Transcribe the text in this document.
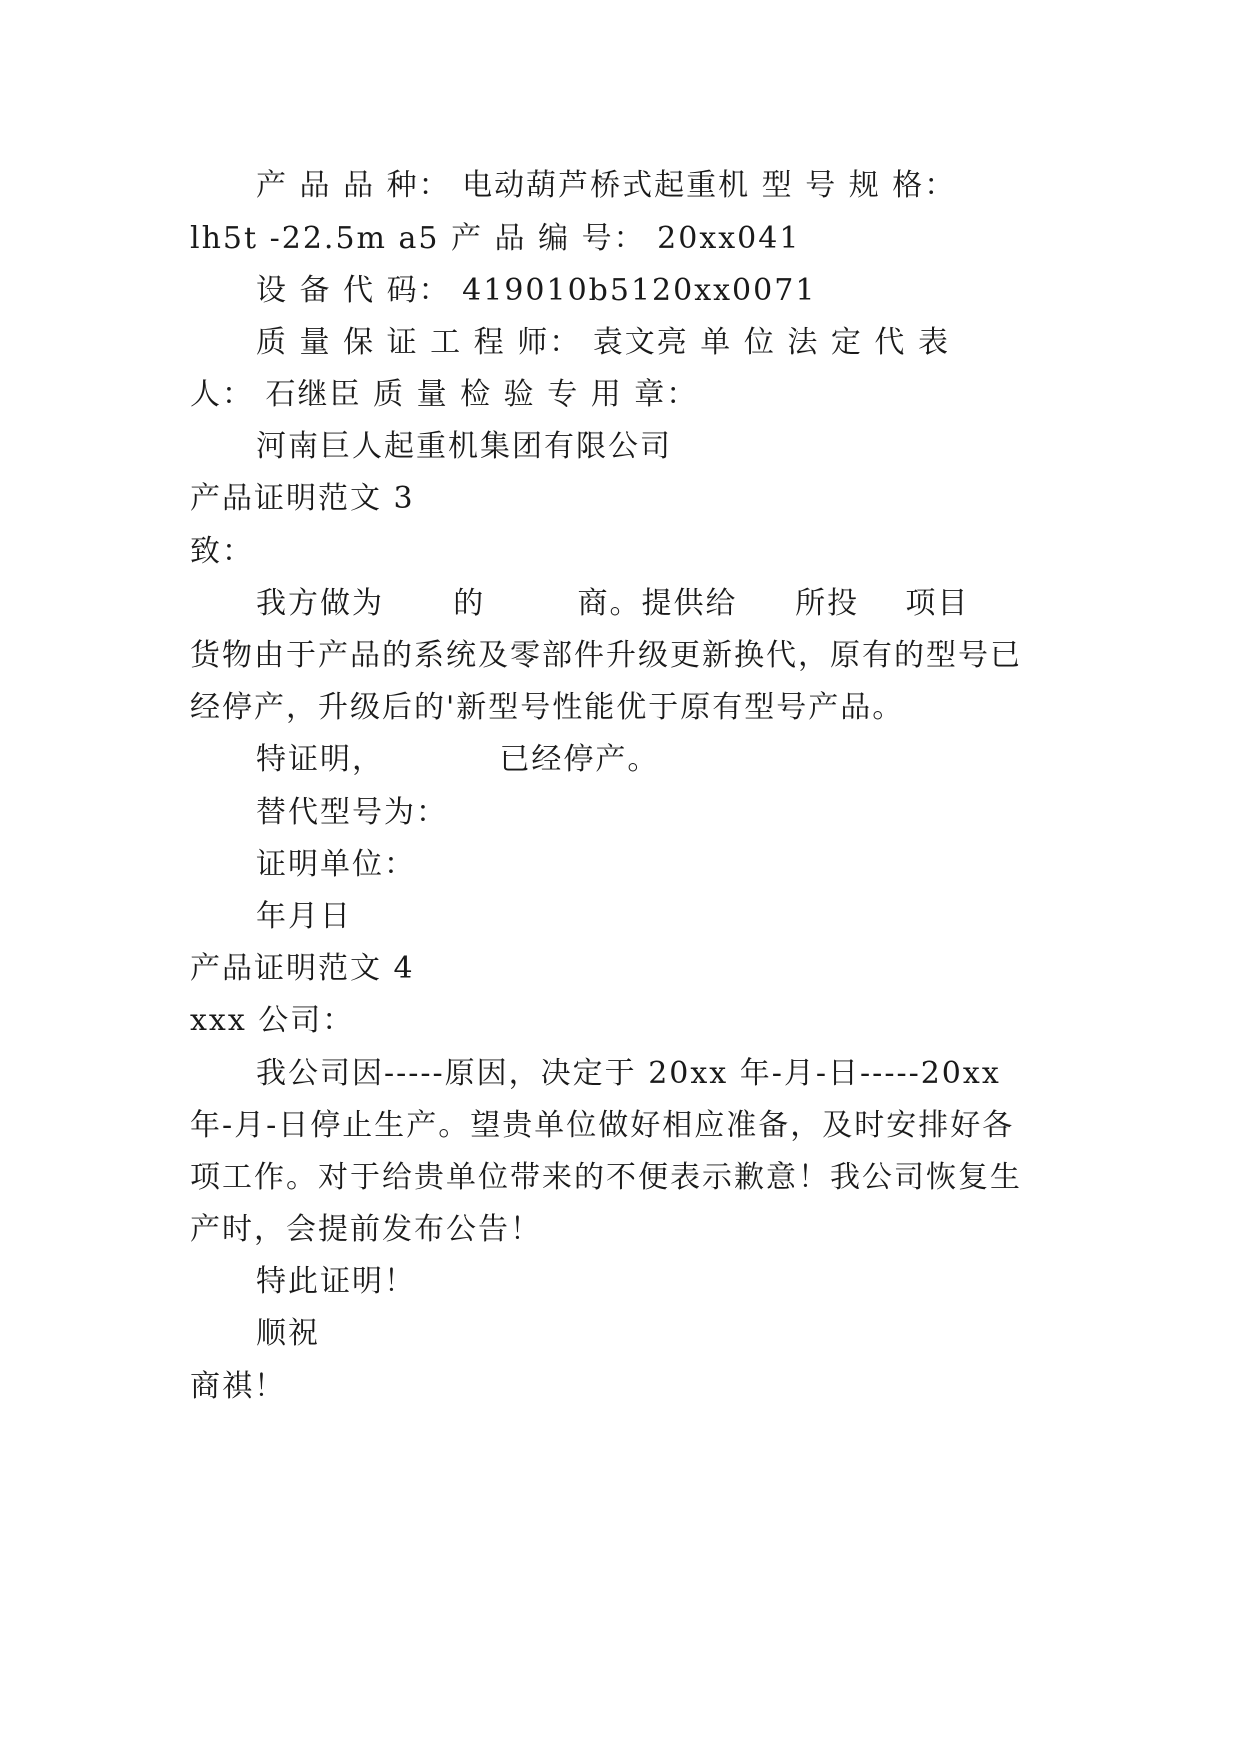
产 品 品 种： 电动葫芦桥式起重机 型 号 规 格：
lh5t -22.5m a5 产 品 编 号： 20xx041
设 备 代 码： 419010b5120xx0071
质 量 保 证 工 程 师： 袁文亮 单 位 法 定 代 表
人： 石继臣 质 量 检 验 专 用 章：
河南巨人起重机集团有限公司
产品证明范文 3
致：
我方做为      的        商。提供给     所投    项目
货物由于产品的系统及零部件升级更新换代，原有的型号已
经停产，升级后的'新型号性能优于原有型号产品。
特证明，          已经停产。
替代型号为：
证明单位：
年月日
产品证明范文 4
xxx 公司：
我公司因-----原因，决定于 20xx 年-月-日-----20xx
年-月-日停止生产。望贵单位做好相应准备，及时安排好各
项工作。对于给贵单位带来的不便表示歉意！我公司恢复生
产时，会提前发布公告！
特此证明！
顺祝
商祺！
